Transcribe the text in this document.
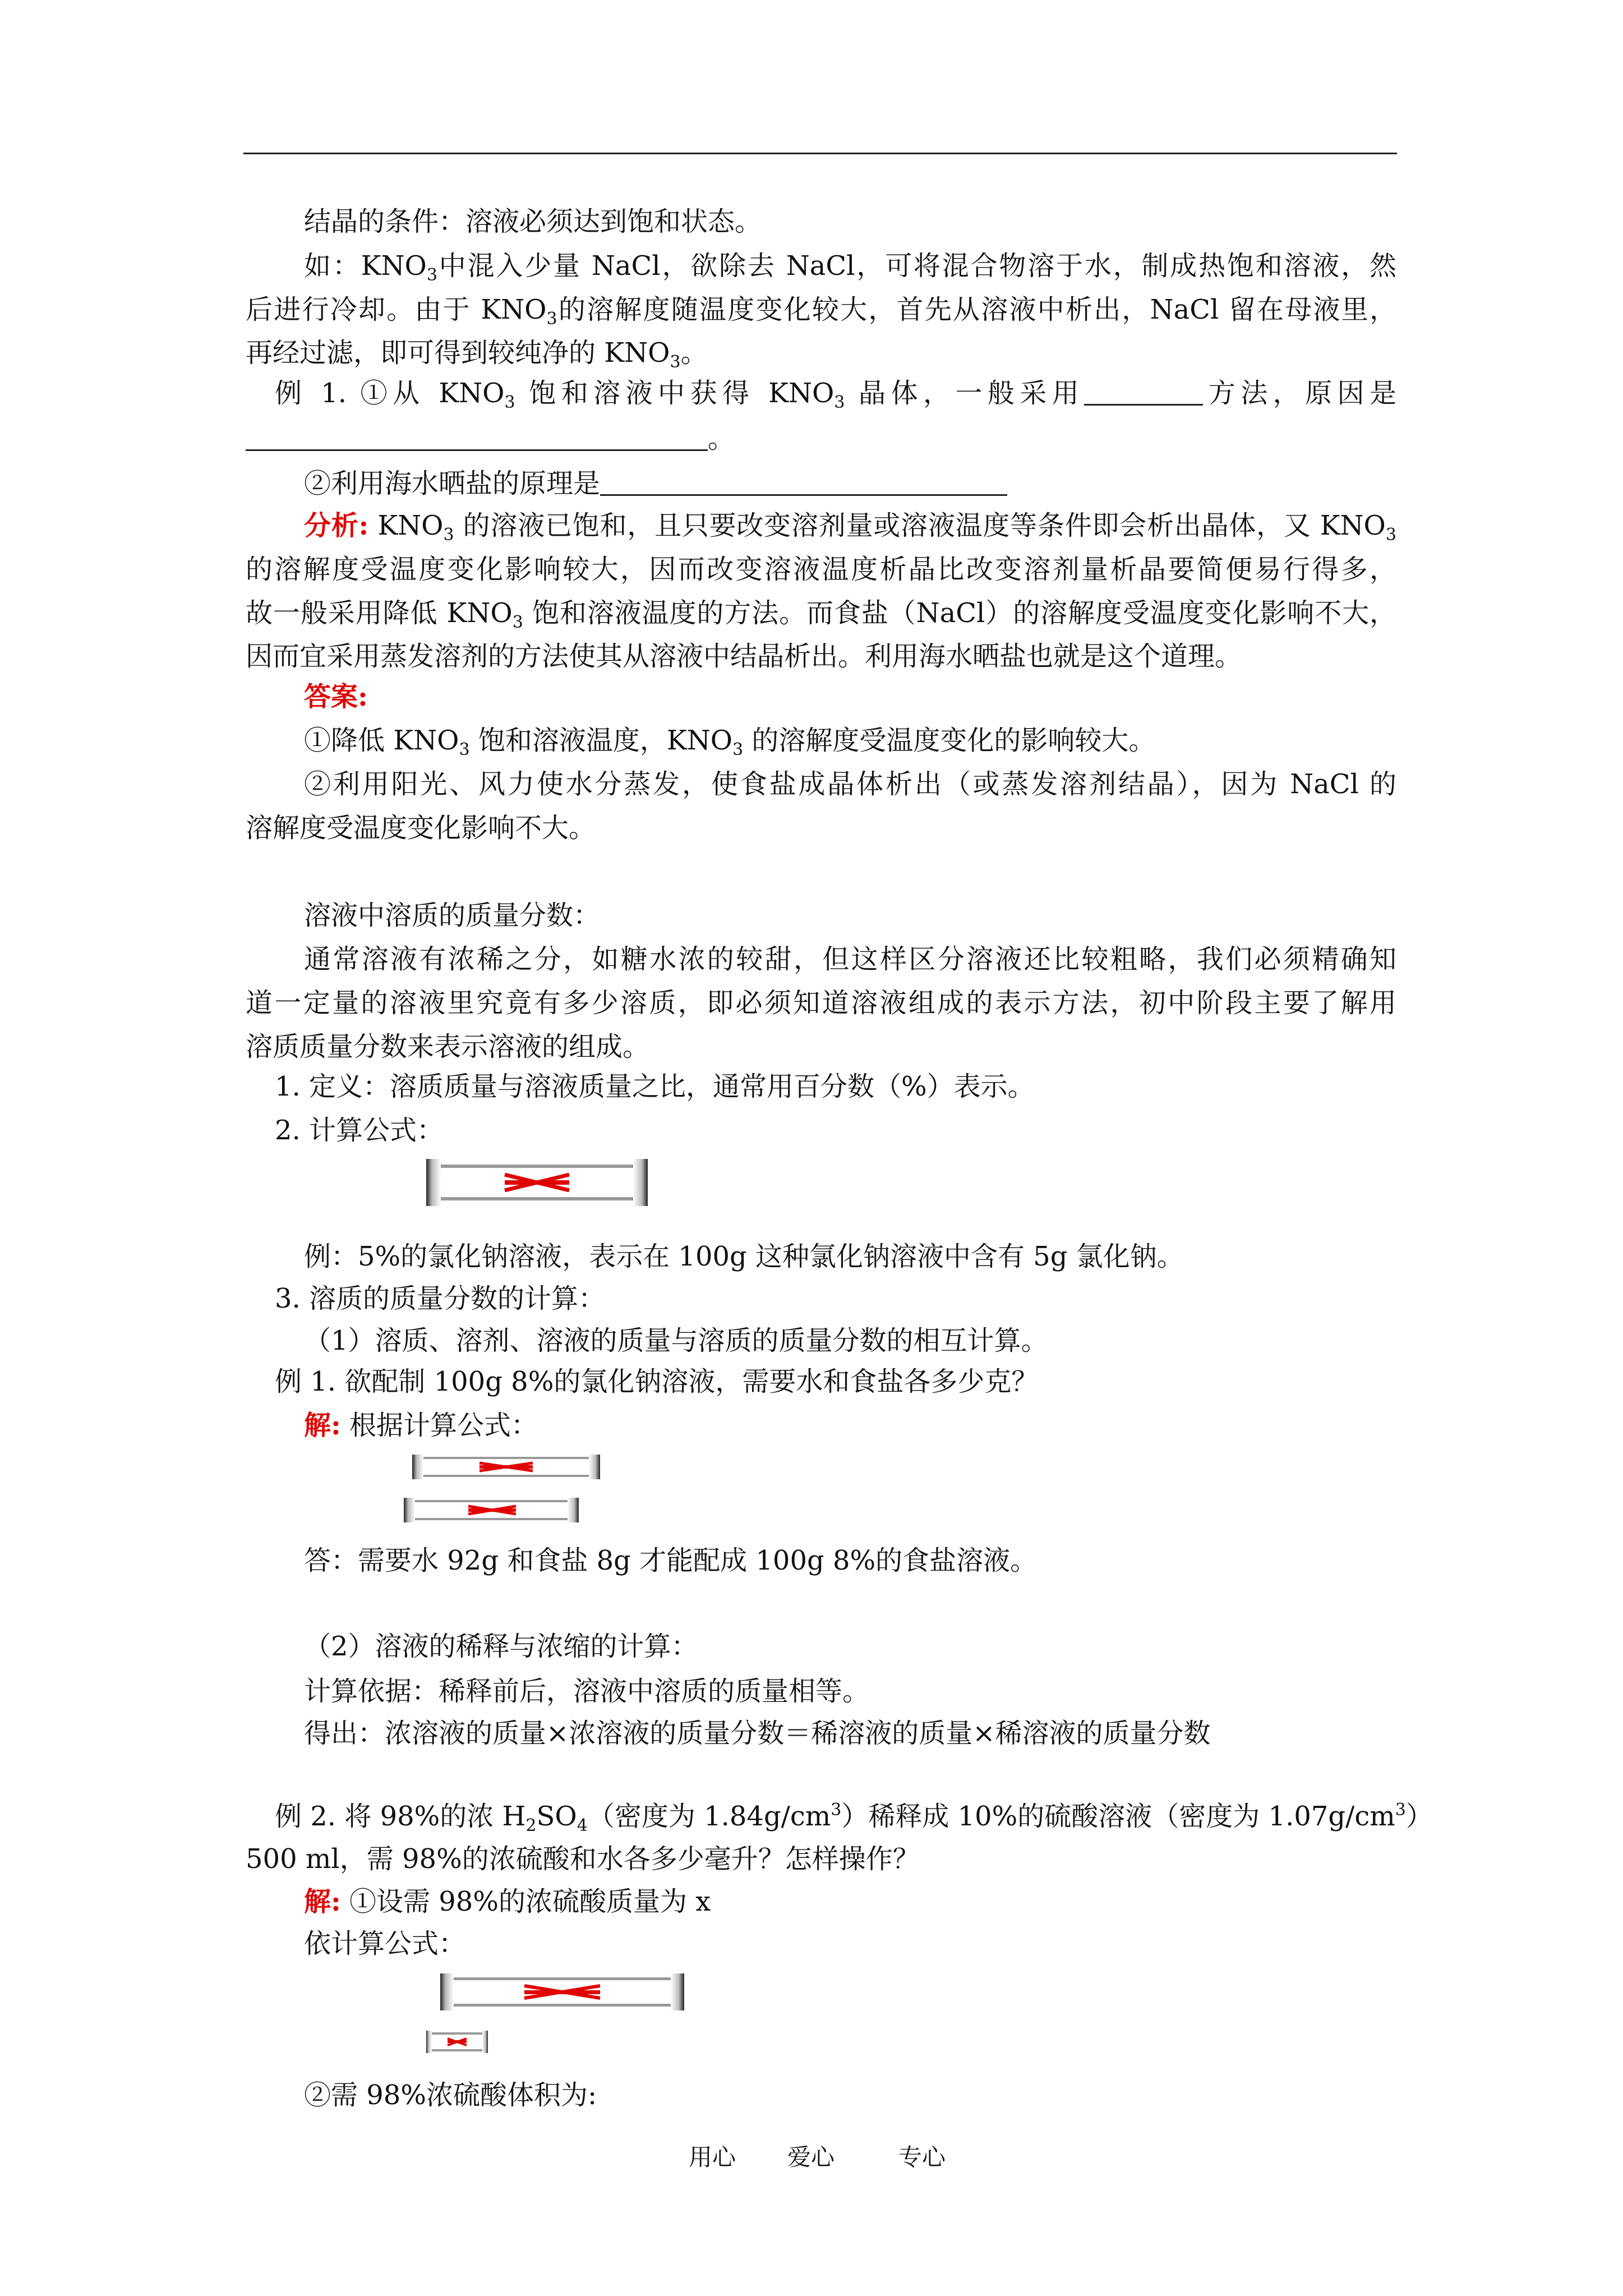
结晶的条件：溶液必须达到饱和状态。
如：$KNO_3$中混入少量 NaCl，欲除去 NaCl，可将混合物溶于水，制成热饱和溶液，然
后进行冷却。由于 $KNO_3$的溶解度随温度变化较大，首先从溶液中析出，NaCl 留在母液里，
再经过滤，即可得到较纯净的 $KNO_3$。
例 1. ①从 $KNO_3$ 饱和溶液中获得 $KNO_3$ 晶体，一般采用	方法，原因是
。
②利用海水晒盐的原理是
分析: $KNO_3$ 的溶液已饱和，且只要改变溶剂量或溶液温度等条件即会析出晶体，又 $KNO_3$
的溶解度受温度变化影响较大，因而改变溶液温度析晶比改变溶剂量析晶要简便易行得多，
故一般采用降低 $KNO_3$ 饱和溶液温度的方法。而食盐（NaCl）的溶解度受温度变化影响不大，
因而宜采用蒸发溶剂的方法使其从溶液中结晶析出。利用海水晒盐也就是这个道理。
答案:
①降低 $KNO_3$ 饱和溶液温度，$KNO_3$ 的溶解度受温度变化的影响较大。
②利用阳光、风力使水分蒸发，使食盐成晶体析出（或蒸发溶剂结晶），因为 NaCl 的
溶解度受温度变化影响不大。
溶液中溶质的质量分数：
通常溶液有浓稀之分，如糖水浓的较甜，但这样区分溶液还比较粗略，我们必须精确知
道一定量的溶液里究竟有多少溶质，即必须知道溶液组成的表示方法，初中阶段主要了解用
溶质质量分数来表示溶液的组成。
1. 定义：溶质质量与溶液质量之比，通常用百分数（%）表示。
2. 计算公式：
例：5%的氯化钠溶液，表示在 100g 这种氯化钠溶液中含有 5g 氯化钠。
3. 溶质的质量分数的计算：
（1）溶质、溶剂、溶液的质量与溶质的质量分数的相互计算。
例 1. 欲配制 100g 8%的氯化钠溶液，需要水和食盐各多少克？
解: 根据计算公式：
答：需要水 92g 和食盐 8g 才能配成 100g 8%的食盐溶液。
（2）溶液的稀释与浓缩的计算：
计算依据：稀释前后，溶液中溶质的质量相等。
得出：浓溶液的质量×浓溶液的质量分数＝稀溶液的质量×稀溶液的质量分数
例 2. 将 98%的浓 $H_2SO_4$（密度为 $1.84g/cm^3$）稀释成 10%的硫酸溶液（密度为 $1.07g/cm^3$）
500 ml，需 98%的浓硫酸和水各多少毫升？怎样操作？
解: ①设需 98%的浓硫酸质量为 x
依计算公式：
②需 98%浓硫酸体积为:
用心 爱心	专心
